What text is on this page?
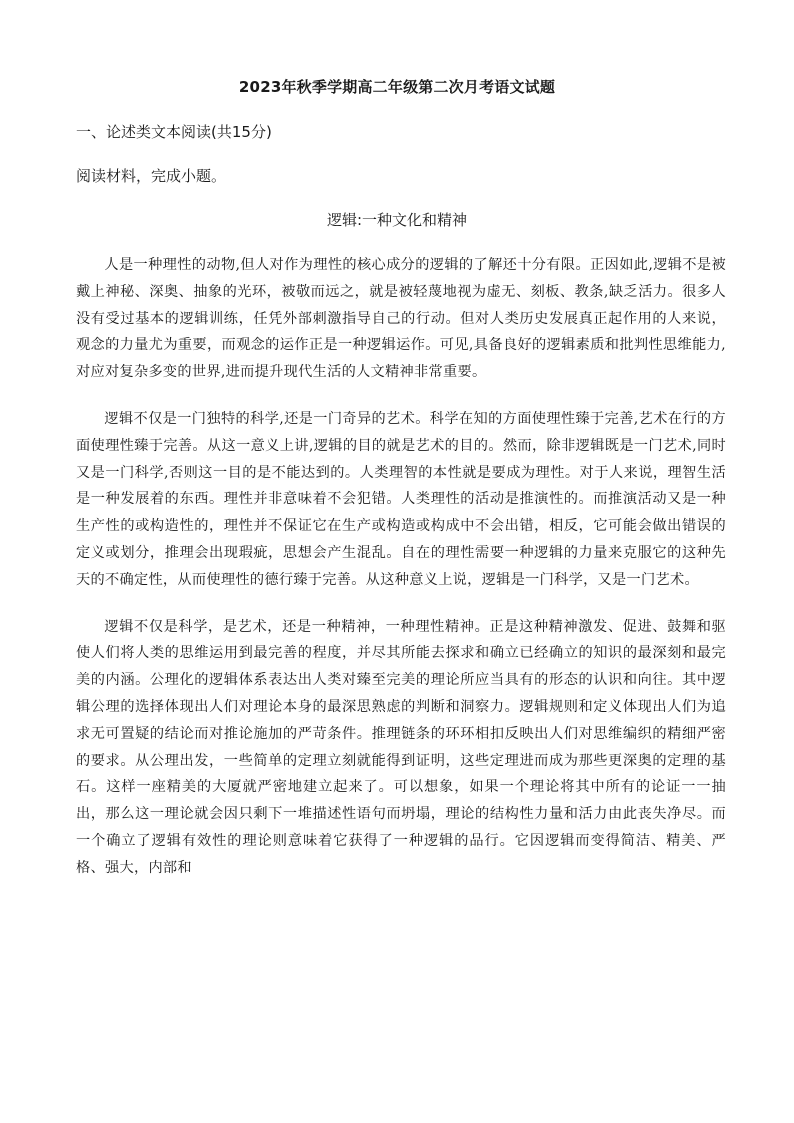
2023年秋季学期高二年级第二次月考语文试题
一、论述类文本阅读(共15分)
阅读材料，完成小题。
逻辑:一种文化和精神

人是一种理性的动物,但人对作为理性的核心成分的逻辑的了解还十分有限。正因如此,逻辑不是被戴上神秘、深奥、抽象的光环，被敬而远之，就是被轻蔑地视为虚无、刻板、教条,缺乏活力。很多人没有受过基本的逻辑训练，任凭外部刺激指导自己的行动。但对人类历史发展真正起作用的人来说，观念的力量尤为重要，而观念的运作正是一种逻辑运作。可见,具备良好的逻辑素质和批判性思维能力,对应对复杂多变的世界,进而提升现代生活的人文精神非常重要。

逻辑不仅是一门独特的科学,还是一门奇异的艺术。科学在知的方面使理性臻于完善,艺术在行的方面使理性臻于完善。从这一意义上讲,逻辑的目的就是艺术的目的。然而，除非逻辑既是一门艺术,同时又是一门科学,否则这一目的是不能达到的。人类理智的本性就是要成为理性。对于人来说，理智生活是一种发展着的东西。理性并非意味着不会犯错。人类理性的活动是推演性的。而推演活动又是一种生产性的或构造性的，理性并不保证它在生产或构造或构成中不会出错，相反，它可能会做出错误的定义或划分，推理会出现瑕疵，思想会产生混乱。自在的理性需要一种逻辑的力量来克服它的这种先天的不确定性，从而使理性的德行臻于完善。从这种意义上说，逻辑是一门科学，又是一门艺术。

逻辑不仅是科学，是艺术，还是一种精神，一种理性精神。正是这种精神激发、促进、鼓舞和驱使人们将人类的思维运用到最完善的程度，并尽其所能去探求和确立已经确立的知识的最深刻和最完美的内涵。公理化的逻辑体系表达出人类对臻至完美的理论所应当具有的形态的认识和向往。其中逻辑公理的选择体现出人们对理论本身的最深思熟虑的判断和洞察力。逻辑规则和定义体现出人们为追求无可置疑的结论而对推论施加的严苛条件。推理链条的环环相扣反映出人们对思维编织的精细严密的要求。从公理出发，一些简单的定理立刻就能得到证明，这些定理进而成为那些更深奥的定理的基石。这样一座精美的大厦就严密地建立起来了。可以想象，如果一个理论将其中所有的论证一一抽出，那么这一理论就会因只剩下一堆描述性语句而坍塌，理论的结构性力量和活力由此丧失净尽。而一个确立了逻辑有效性的理论则意味着它获得了一种逻辑的品行。它因逻辑而变得简洁、精美、严格、强大，内部和
